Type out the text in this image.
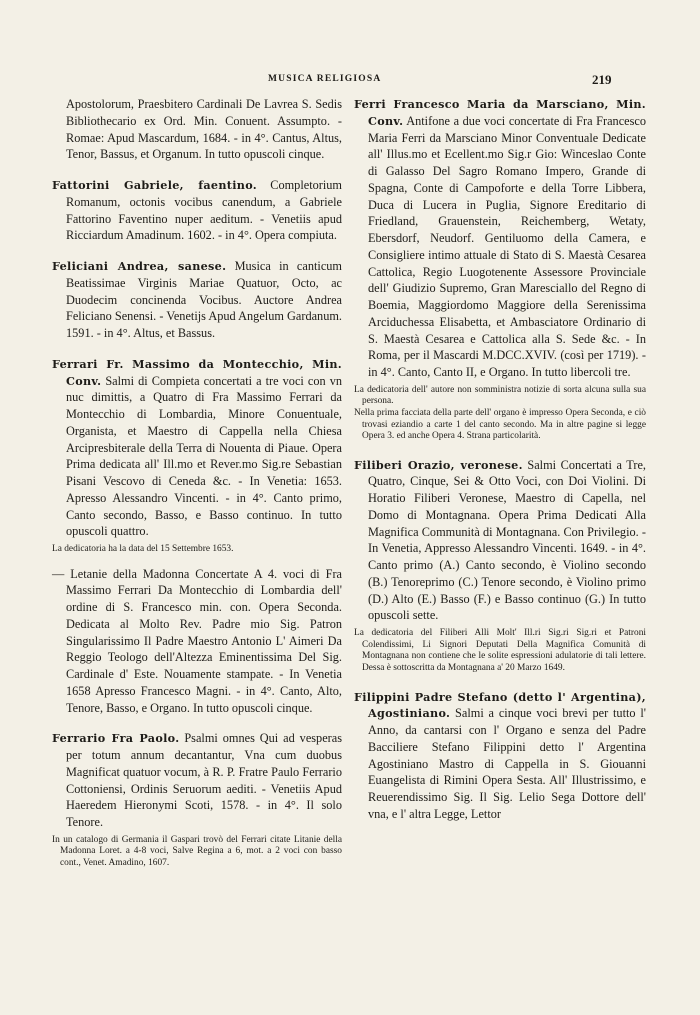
MUSICA RELIGIOSA	219

Apostolorum, Praesbitero Cardinali De Lavrea S. Sedis Bibliothecario ex Ord. Min. Conuent. Assumpto. - Romae: Apud Mascardum, 1684. - in 4°. Cantus, Altus, Tenor, Bassus, et Organum. In tutto opuscoli cinque.

Fattorini Gabriele, faentino. Completorium Romanum, octonis vocibus canendum, a Gabriele Fattorino Faventino nuper aeditum. - Venetiis apud Ricciardum Amadinum. 1602. - in 4°. Opera compiuta.

Feliciani Andrea, sanese. Musica in canticum Beatissimae Virginis Mariae Quatuor, Octo, ac Duodecim concinenda Vocibus. Auctore Andrea Feliciano Senensi. - Venetijs Apud Angelum Gardanum. 1591. - in 4°. Altus, et Bassus.

Ferrari Fr. Massimo da Montecchio, Min. Conv. Salmi di Compieta concertati a tre voci con vn nuc dimittis, a Quatro di Fra Massimo Ferrari da Montecchio di Lombardia, Minore Conuentuale, Organista, et Maestro di Cappella nella Chiesa Arcipresbiterale della Terra di Nouenta di Piaue. Opera Prima dedicata all' Ill.mo et Rever.mo Sig.re Sebastian Pisani Vescovo di Ceneda &c. - In Venetia: 1653. Apresso Alessandro Vincenti. - in 4°. Canto primo, Canto secondo, Basso, e Basso continuo. In tutto opuscoli quattro.

La dedicatoria ha la data del 15 Settembre 1653.

— Letanie della Madonna Concertate A 4. voci di Fra Massimo Ferrari Da Montecchio di Lombardia dell' ordine di S. Francesco min. con. Opera Seconda. Dedicata al Molto Rev. Padre mio Sig. Patron Singularissimo Il Padre Maestro Antonio L' Aimeri Da Reggio Teologo dell'Altezza Eminentissima Del Sig. Cardinale d' Este. Nouamente stampate. - In Venetia 1658 Apresso Francesco Magni. - in 4°. Canto, Alto, Tenore, Basso, e Organo. In tutto opuscoli cinque.

Ferrario Fra Paolo. Psalmi omnes Qui ad vesperas per totum annum decantantur, Vna cum duobus Magnificat quatuor vocum, à R. P. Fratre Paulo Ferrario Cottoniensi, Ordinis Seruorum aediti. - Venetiis Apud Haeredem Hieronymi Scoti, 1578. - in 4°. Il solo Tenore.

In un catalogo di Germania il Gaspari trovò del Ferrari citate Litanie della Madonna Loret. a 4-8 voci, Salve Regina a 6, mot. a 2 voci con basso cont., Venet. Amadino, 1607.

Ferri Francesco Maria da Marsciano, Min. Conv. Antifone a due voci concertate di Fra Francesco Maria Ferri da Marsciano Minor Conventuale Dedicate all' Illus.mo et Ecellent.mo Sig.r Gio: Winceslao Conte di Galasso Del Sagro Romano Impero, Grande di Spagna, Conte di Campoforte e della Torre Libbera, Duca di Lucera in Puglia, Signore Ereditario di Friedland, Grauenstein, Reichemberg, Wetaty, Ebersdorf, Neudorf. Gentiluomo della Camera, e Consigliere intimo attuale di Stato di S. Maestà Cesarea Cattolica, Regio Luogotenente Assessore Provinciale dell' Giudizio Supremo, Gran Maresciallo del Regno di Boemia, Maggiordomo Maggiore della Serenissima Arciduchessa Elisabetta, et Ambasciatore Ordinario di S. Maestà Cesarea e Cattolica alla S. Sede &c. - In Roma, per il Mascardi M.DCC.XVIV. (così per 1719). - in 4°. Canto, Canto II, e Organo. In tutto libercoli tre.

La dedicatoria dell' autore non somministra notizie di sorta alcuna sulla sua persona.

Nella prima facciata della parte dell' organo è impresso Opera Seconda, e ciò trovasi eziandio a carte 1 del canto secondo. Ma in altre pagine si legge Opera 3. ed anche Opera 4. Strana particolarità.

Filiberi Orazio, veronese. Salmi Concertati a Tre, Quatro, Cinque, Sei & Otto Voci, con Doi Violini. Di Horatio Filiberi Veronese, Maestro di Capella, nel Domo di Montagnana. Opera Prima Dedicati Alla Magnifica Communità di Montagnana. Con Privilegio. - In Venetia, Appresso Alessandro Vincenti. 1649. - in 4°. Canto primo (A.) Canto secondo, è Violino secondo (B.) Tenoreprimo (C.) Tenore secondo, è Violino primo (D.) Alto (E.) Basso (F.) e Basso continuo (G.) In tutto opuscoli sette.

La dedicatoria del Filiberi Alli Molt' Ill.ri Sig.ri Sig.ri et Patroni Colendissimi, Li Signori Deputati Della Magnifica Comunità di Montagnana non contiene che le solite espressioni adulatorie di tali lettere. Dessa è sottoscritta da Montagnana a' 20 Marzo 1649.

Filippini Padre Stefano (detto l' Argentina), Agostiniano. Salmi a cinque voci brevi per tutto l' Anno, da cantarsi con l' Organo e senza del Padre Bacciliere Stefano Filippini detto l' Argentina Agostiniano Mastro di Cappella in S. Giouanni Euangelista di Rimini Opera Sesta. All' Illustrissimo, e Reuerendissimo Sig. Il Sig. Lelio Sega Dottore dell' vna, e l' altra Legge, Lettor
